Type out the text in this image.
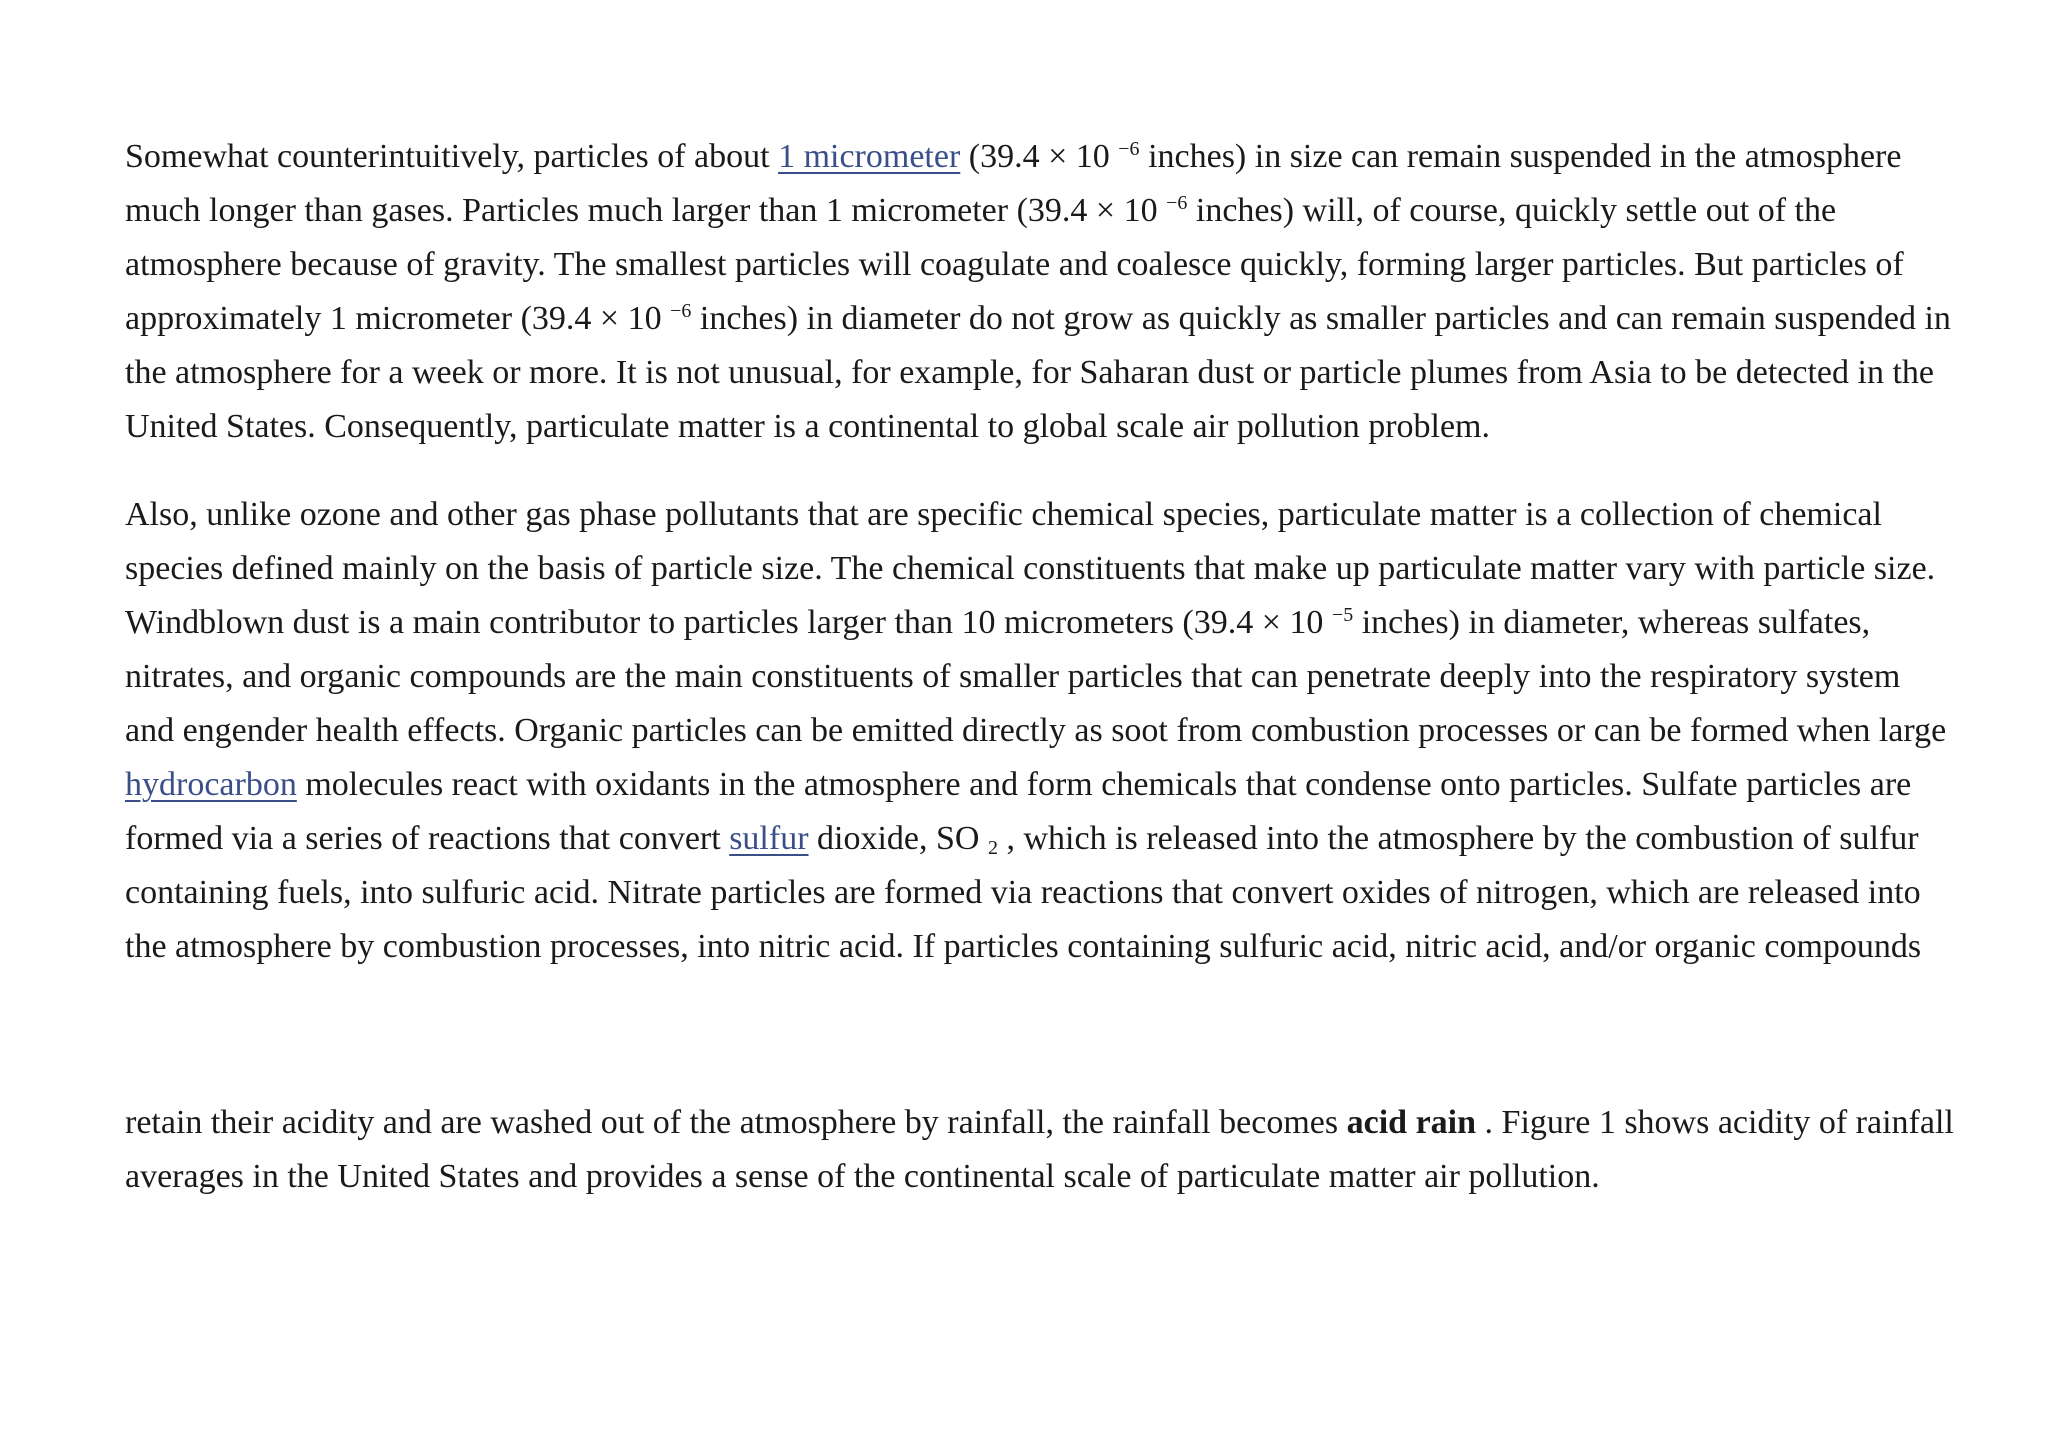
Somewhat counterintuitively, particles of about 1 micrometer (39.4 × 10 $^{-6}$ inches) in size can remain suspended in the atmosphere much longer than gases. Particles much larger than 1 micrometer (39.4 × 10 $^{-6}$ inches) will, of course, quickly settle out of the atmosphere because of gravity. The smallest particles will coagulate and coalesce quickly, forming larger particles. But particles of approximately 1 micrometer (39.4 × 10 $^{-6}$ inches) in diameter do not grow as quickly as smaller particles and can remain suspended in the atmosphere for a week or more. It is not unusual, for example, for Saharan dust or particle plumes from Asia to be detected in the United States. Consequently, particulate matter is a continental to global scale air pollution problem.

Also, unlike ozone and other gas phase pollutants that are specific chemical species, particulate matter is a collection of chemical species defined mainly on the basis of particle size. The chemical constituents that make up particulate matter vary with particle size. Windblown dust is a main contributor to particles larger than 10 micrometers (39.4 × 10 $^{-5}$ inches) in diameter, whereas sulfates, nitrates, and organic compounds are the main constituents of smaller particles that can penetrate deeply into the respiratory system and engender health effects. Organic particles can be emitted directly as soot from combustion processes or can be formed when large hydrocarbon molecules react with oxidants in the atmosphere and form chemicals that condense onto particles. Sulfate particles are formed via a series of reactions that convert sulfur dioxide, SO $_2$ , which is released into the atmosphere by the combustion of sulfur containing fuels, into sulfuric acid. Nitrate particles are formed via reactions that convert oxides of nitrogen, which are released into the atmosphere by combustion processes, into nitric acid. If particles containing sulfuric acid, nitric acid, and/or organic compounds

retain their acidity and are washed out of the atmosphere by rainfall, the rainfall becomes acid rain . Figure 1 shows acidity of rainfall averages in the United States and provides a sense of the continental scale of particulate matter air pollution.
